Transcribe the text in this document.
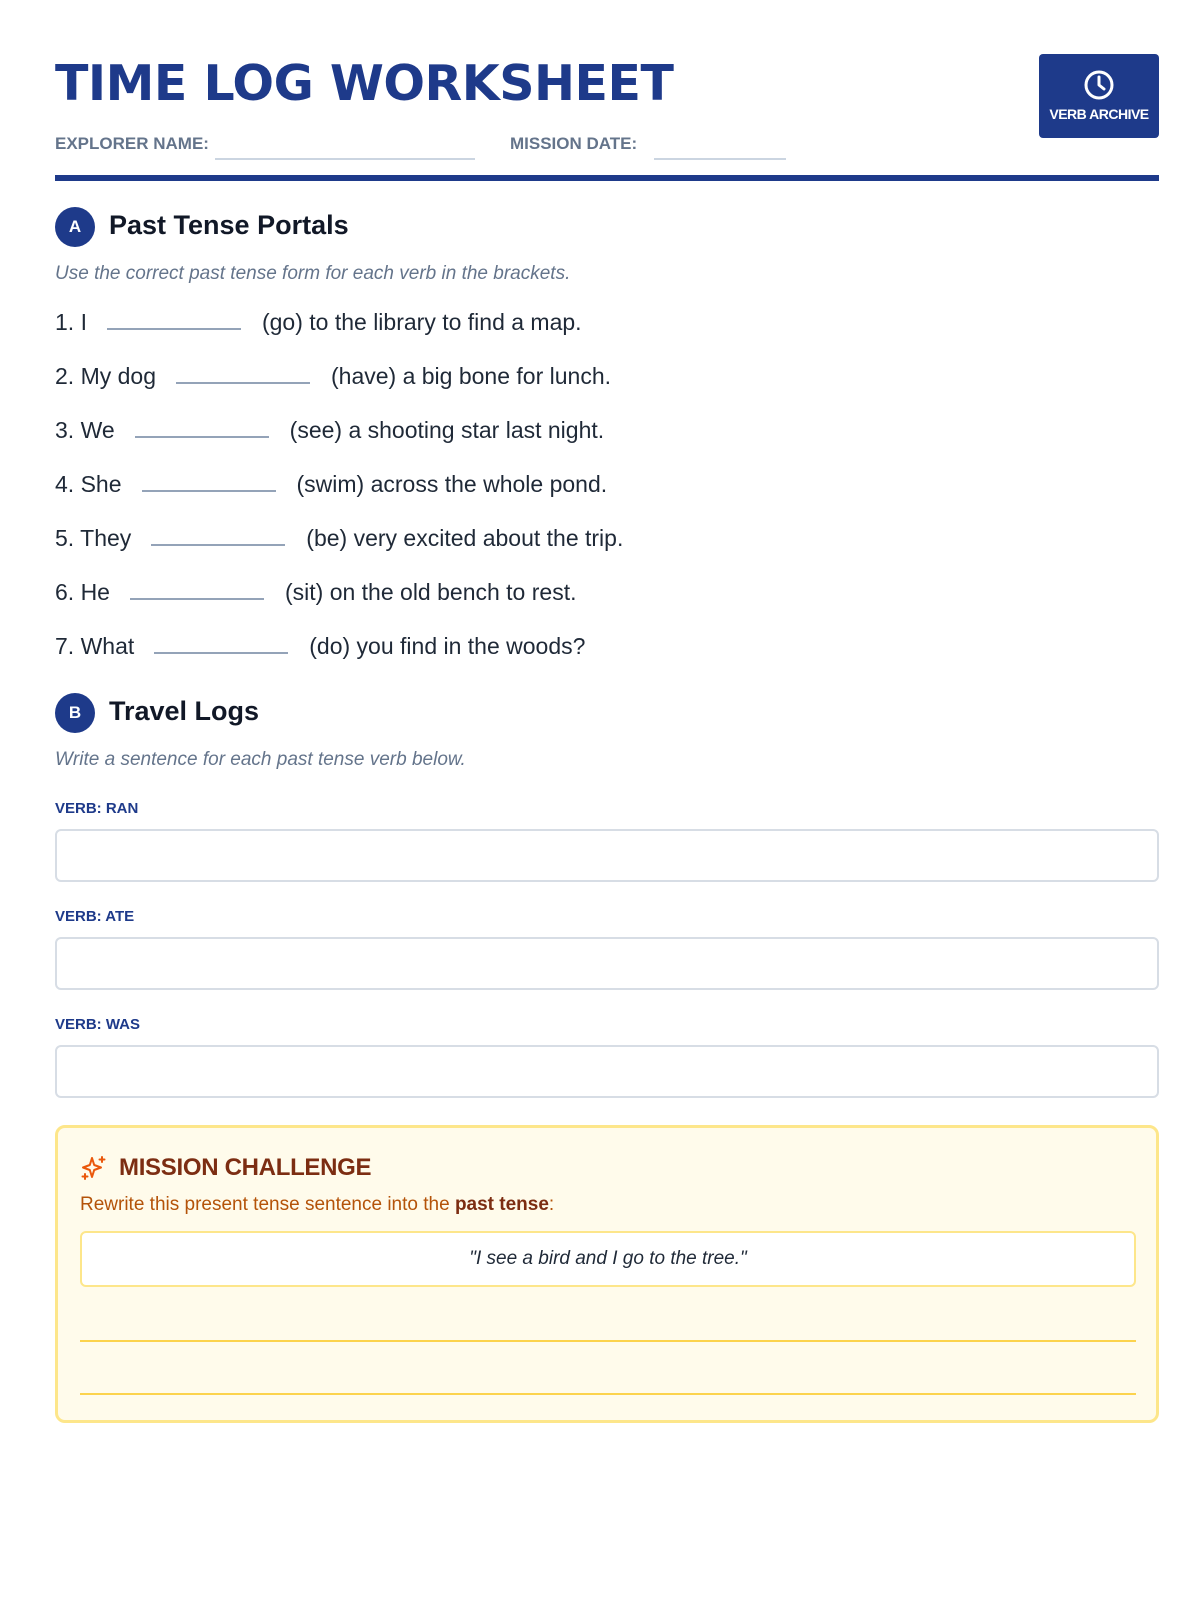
TIME LOG WORKSHEET
EXPLORER NAME:	MISSION DATE:
VERB ARCHIVE
A	Past Tense Portals

Use the correct past tense form for each verb in the brackets.

1. I	(go) to the library to find a map.
2. My dog	(have) a big bone for lunch.
3. We	(see) a shooting star last night.
4. She	(swim) across the whole pond.
5. They	(be) very excited about the trip.
6. He	(sit) on the old bench to rest.
7. What	(do) you find in the woods?
B	Travel Logs

Write a sentence for each past tense verb below.

VERB: RAN
VERB: ATE
VERB: WAS
MISSION CHALLENGE

Rewrite this present tense sentence into the past tense:

"I see a bird and I go to the tree."
